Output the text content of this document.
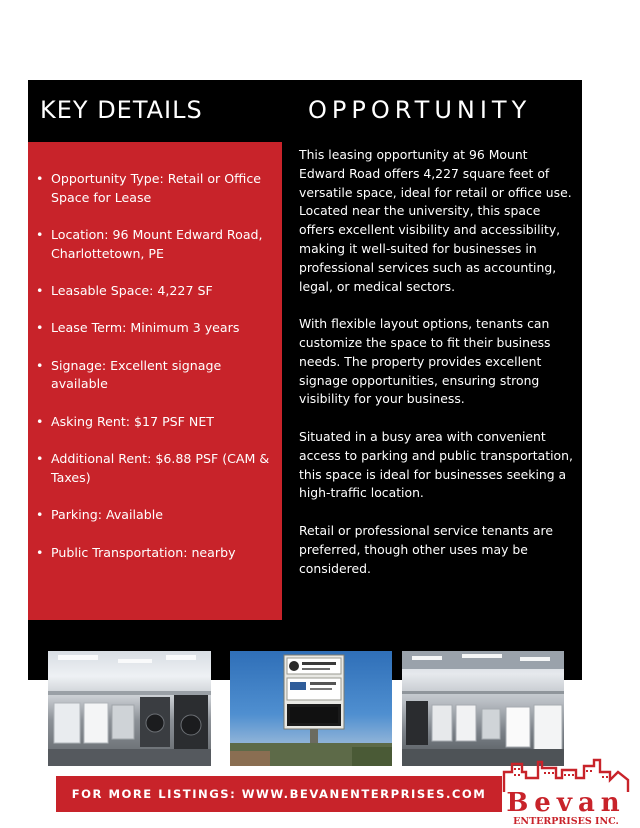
KEY DETAILS	OPPORTUNITY
• Opportunity Type: Retail or Office Space for Lease
• Location: 96 Mount Edward Road, Charlottetown, PE
• Leasable Space: 4,227 SF
• Lease Term: Minimum 3 years
• Signage: Excellent signage available
• Asking Rent: $17 PSF NET
• Additional Rent: $6.88 PSF (CAM & Taxes)
• Parking: Available
• Public Transportation: nearby

This leasing opportunity at 96 Mount Edward Road offers 4,227 square feet of versatile space, ideal for retail or office use.

Located near the university, this space offers excellent visibility and accessibility, making it well-suited for businesses in professional services such as accounting, legal, or medical sectors.

With flexible layout options, tenants can customize the space to fit their business needs. The property provides excellent signage opportunities, ensuring strong visibility for your business.

Situated in a busy area with convenient access to parking and public transportation, this space is ideal for businesses seeking a high-traffic location.

Retail or professional service tenants are preferred, though other uses may be considered.

FOR MORE LISTINGS: WWW.BEVANENTERPRISES.COM Bevan
ENTERPRISES INC.
